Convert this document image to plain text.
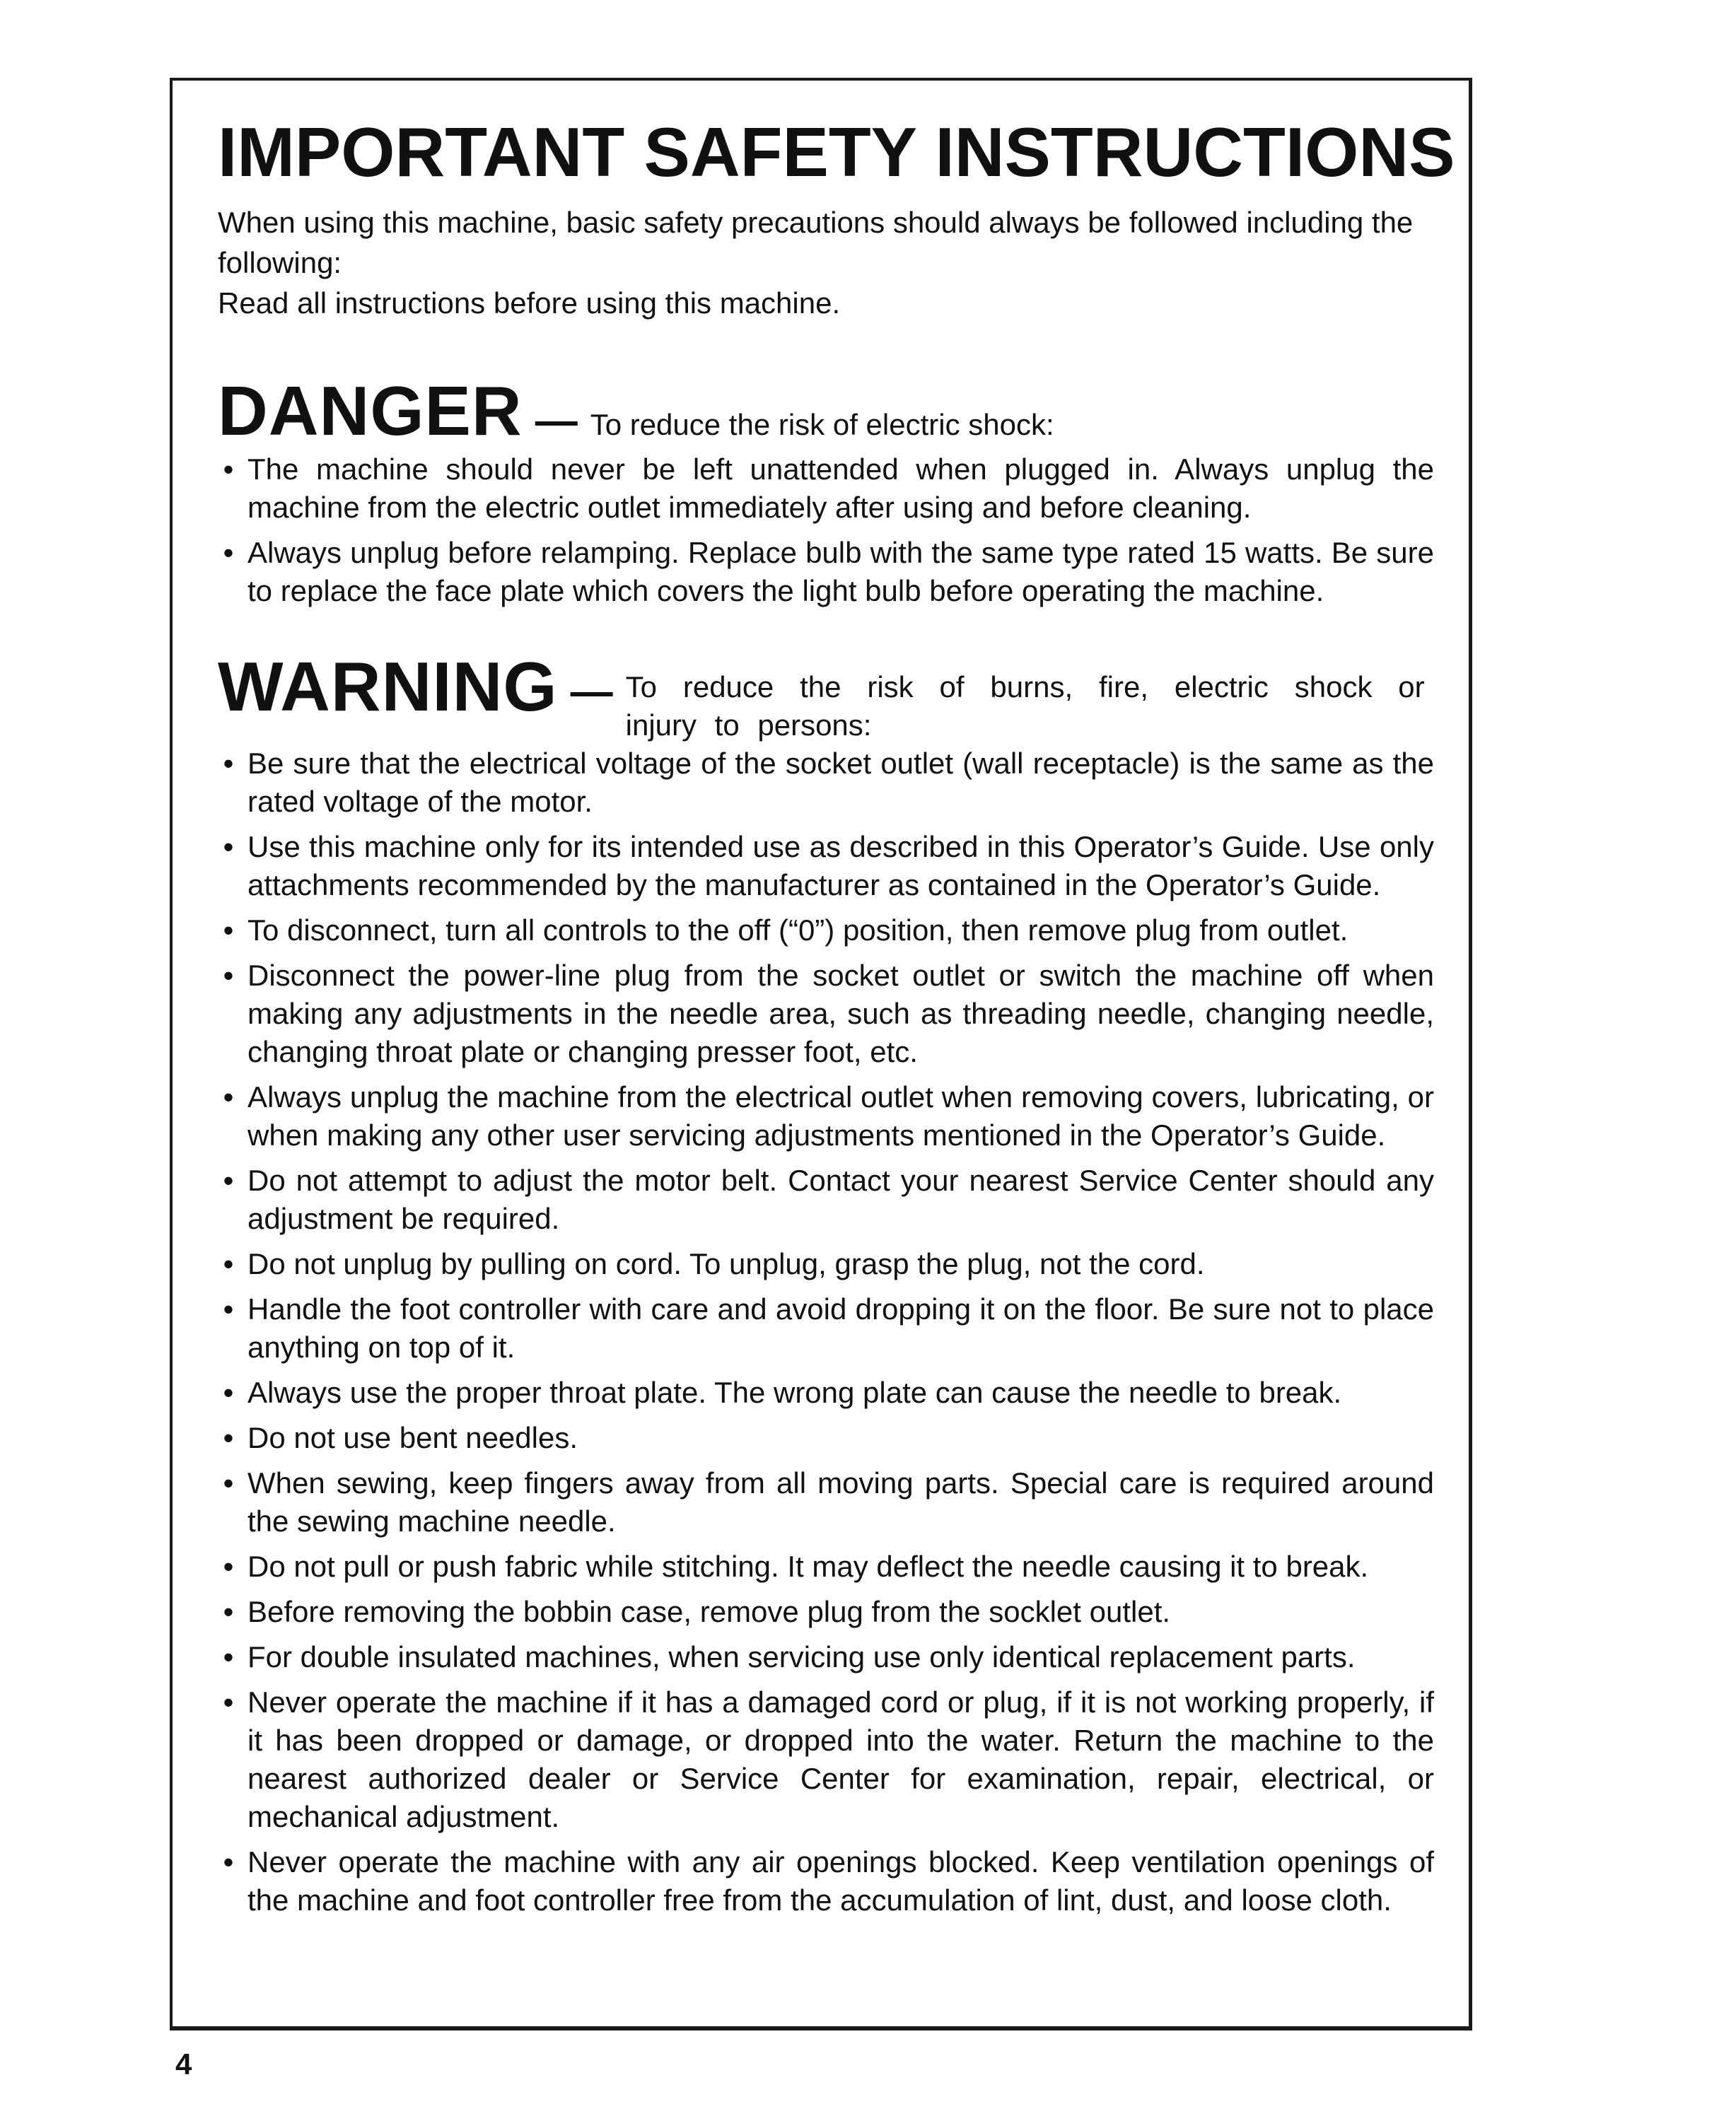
IMPORTANT SAFETY INSTRUCTIONS

When using this machine, basic safety precautions should always be followed including the following:

Read all instructions before using this machine.

DANGER — To reduce the risk of electric shock:
• The machine should never be left unattended when plugged in. Always unplug the machine from the electric outlet immediately after using and before cleaning.
• Always unplug before relamping. Replace bulb with the same type rated 15 watts. Be sure to replace the face plate which covers the light bulb before operating the machine.
WARNING — To reduce the risk of burns, fire, electric shock or injury to persons:
• Be sure that the electrical voltage of the socket outlet (wall receptacle) is the same as the rated voltage of the motor.
• Use this machine only for its intended use as described in this Operator’s Guide. Use only attachments recommended by the manufacturer as contained in the Operator’s Guide.
• To disconnect, turn all controls to the off (“0”) position, then remove plug from outlet.
• Disconnect the power-line plug from the socket outlet or switch the machine off when making any adjustments in the needle area, such as threading needle, changing needle, changing throat plate or changing presser foot, etc.
• Always unplug the machine from the electrical outlet when removing covers, lubricating, or when making any other user servicing adjustments mentioned in the Operator’s Guide.
• Do not attempt to adjust the motor belt. Contact your nearest Service Center should any adjustment be required.
• Do not unplug by pulling on cord. To unplug, grasp the plug, not the cord.
• Handle the foot controller with care and avoid dropping it on the floor. Be sure not to place anything on top of it.
• Always use the proper throat plate. The wrong plate can cause the needle to break.
• Do not use bent needles.
• When sewing, keep fingers away from all moving parts. Special care is required around the sewing machine needle.
• Do not pull or push fabric while stitching. It may deflect the needle causing it to break.
• Before removing the bobbin case, remove plug from the socklet outlet.
• For double insulated machines, when servicing use only identical replacement parts.
• Never operate the machine if it has a damaged cord or plug, if it is not working properly, if it has been dropped or damage, or dropped into the water. Return the machine to the nearest authorized dealer or Service Center for examination, repair, electrical, or mechanical adjustment.
• Never operate the machine with any air openings blocked. Keep ventilation openings of the machine and foot controller free from the accumulation of lint, dust, and loose cloth.
4
